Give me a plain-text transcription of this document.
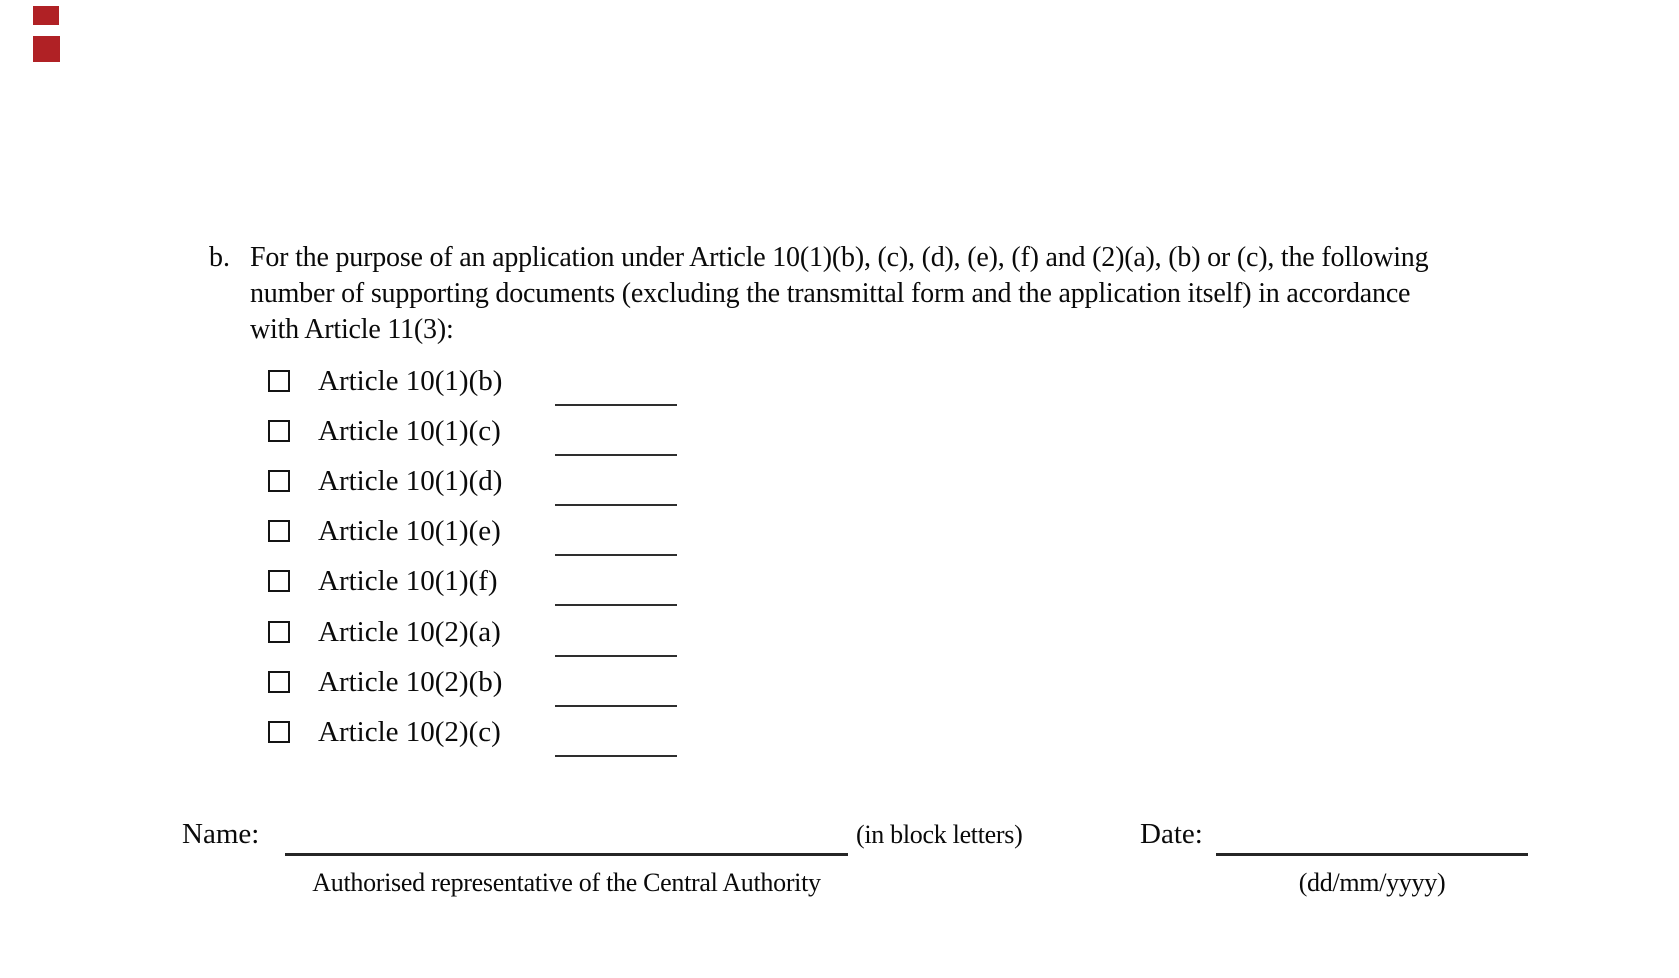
b. For the purpose of an application under Article 10(1)(b), (c), (d), (e), (f) and (2)(a), (b) or (c), the following
number of supporting documents (excluding the transmittal form and the application itself) in accordance
with Article 11(3):
Article 10(1)(b)
Article 10(1)(c)
Article 10(1)(d)
Article 10(1)(e)
Article 10(1)(f)
Article 10(2)(a)
Article 10(2)(b)
Article 10(2)(c)
Name:	(in block letters)
Authorised representative of the Central Authority
Date:
(dd/mm/yyyy)
